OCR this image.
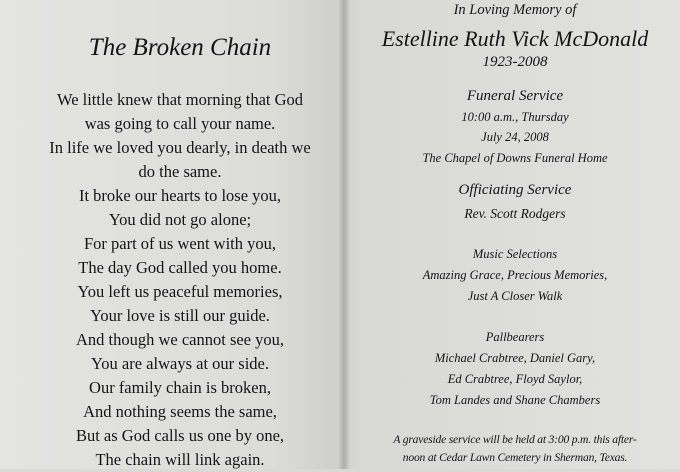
The Broken Chain
We little knew that morning that God
was going to call your name.
In life we loved you dearly, in death we
do the same.
It broke our hearts to lose you,
You did not go alone;
For part of us went with you,
The day God called you home.
You left us peaceful memories,
Your love is still our guide.
And though we cannot see you,
You are always at our side.
Our family chain is broken,
And nothing seems the same,
But as God calls us one by one,
The chain will link again.
In Loving Memory of
Estelline Ruth Vick McDonald
1923-2008
Funeral Service
10:00 a.m., Thursday
July 24, 2008
The Chapel of Downs Funeral Home
Officiating Service
Rev. Scott Rodgers
Music Selections
Amazing Grace, Precious Memories,
Just A Closer Walk
Pallbearers
Michael Crabtree, Daniel Gary,
Ed Crabtree, Floyd Saylor,
Tom Landes and Shane Chambers
A graveside service will be held at 3:00 p.m. this after-
noon at Cedar Lawn Cemetery in Sherman, Texas.
